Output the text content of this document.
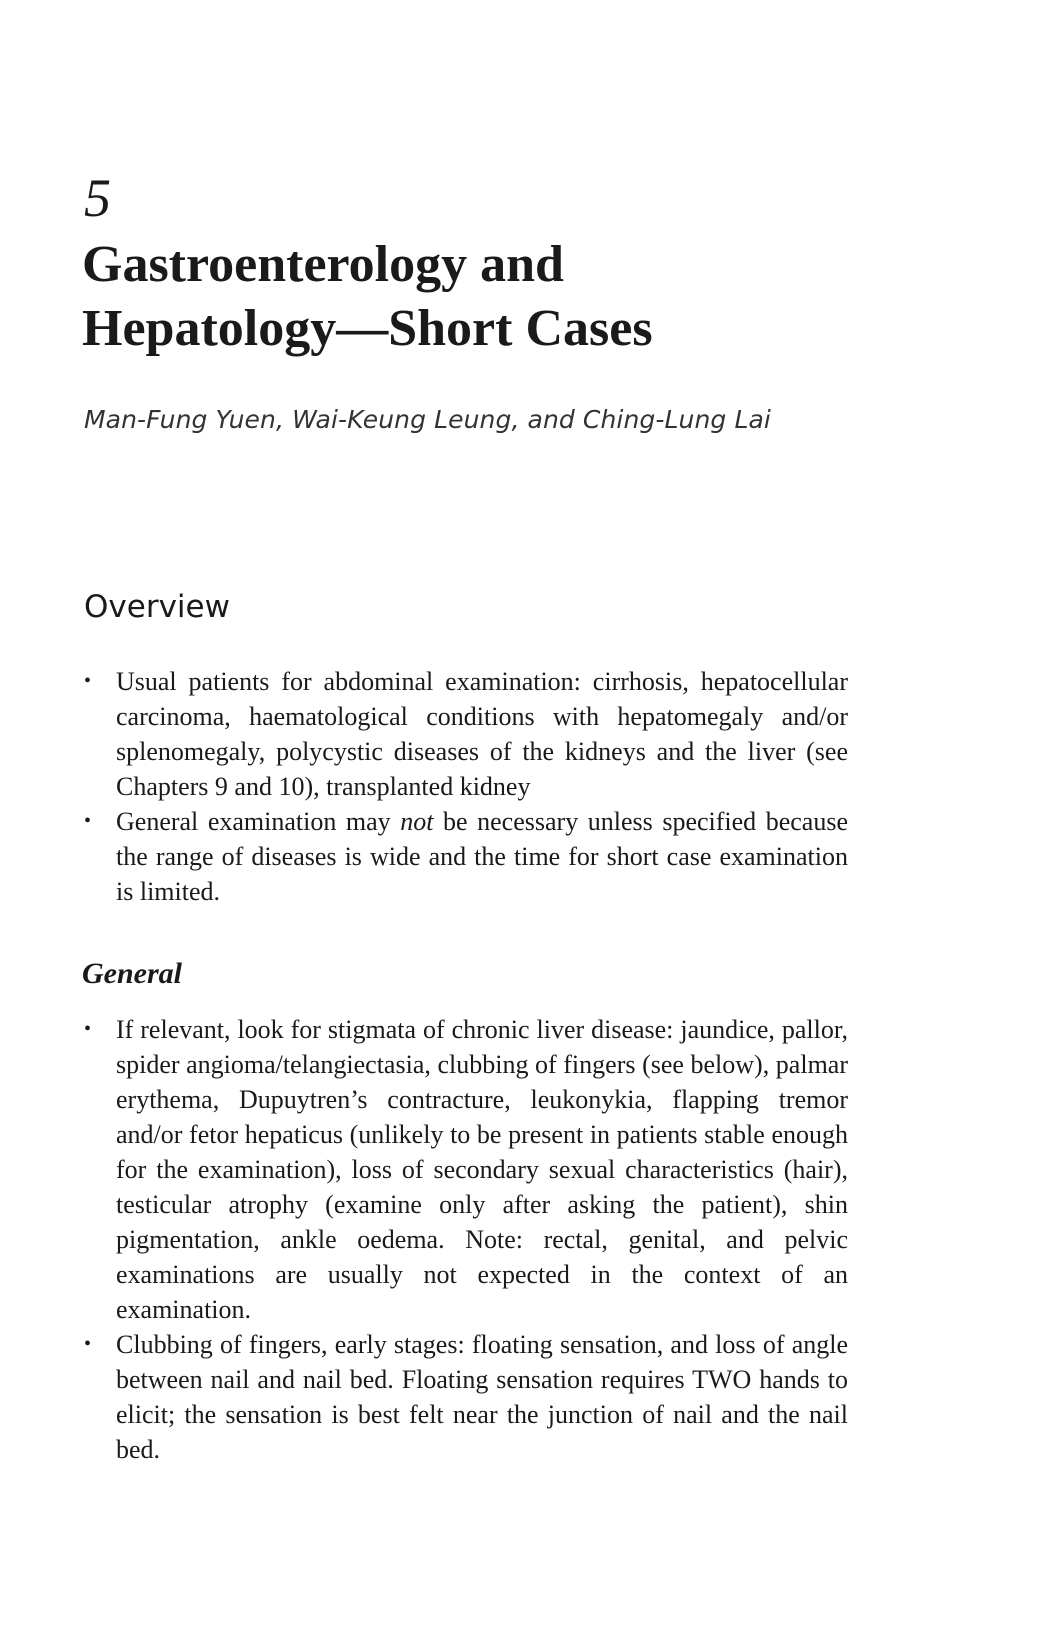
5
Gastroenterology and
Hepatology—Short Cases

Man-Fung Yuen, Wai-Keung Leung, and Ching-Lung Lai

Overview
• Usual patients for abdominal examination: cirrhosis, hepatocellular carcinoma, haematological conditions with hepatomegaly and/or splenomegaly, polycystic diseases of the kidneys and the liver (see Chapters 9 and 10), transplanted kidney
• General examination may not be necessary unless specified because the range of diseases is wide and the time for short case examination is limited.
General
• If relevant, look for stigmata of chronic liver disease: jaundice, pallor, spider angioma/telangiectasia, clubbing of fingers (see below), palmar erythema, Dupuytren’s contracture, leukonykia, flapping tremor and/or fetor hepaticus (unlikely to be present in patients stable enough for the examination), loss of secondary sexual characteristics (hair), testicular atrophy (examine only after asking the patient), shin pigmentation, ankle oedema. Note: rectal, genital, and pelvic examinations are usually not expected in the context of an examination.
• Clubbing of fingers, early stages: floating sensation, and loss of angle between nail and nail bed. Floating sensation requires TWO hands to elicit; the sensation is best felt near the junction of nail and the nail bed.
